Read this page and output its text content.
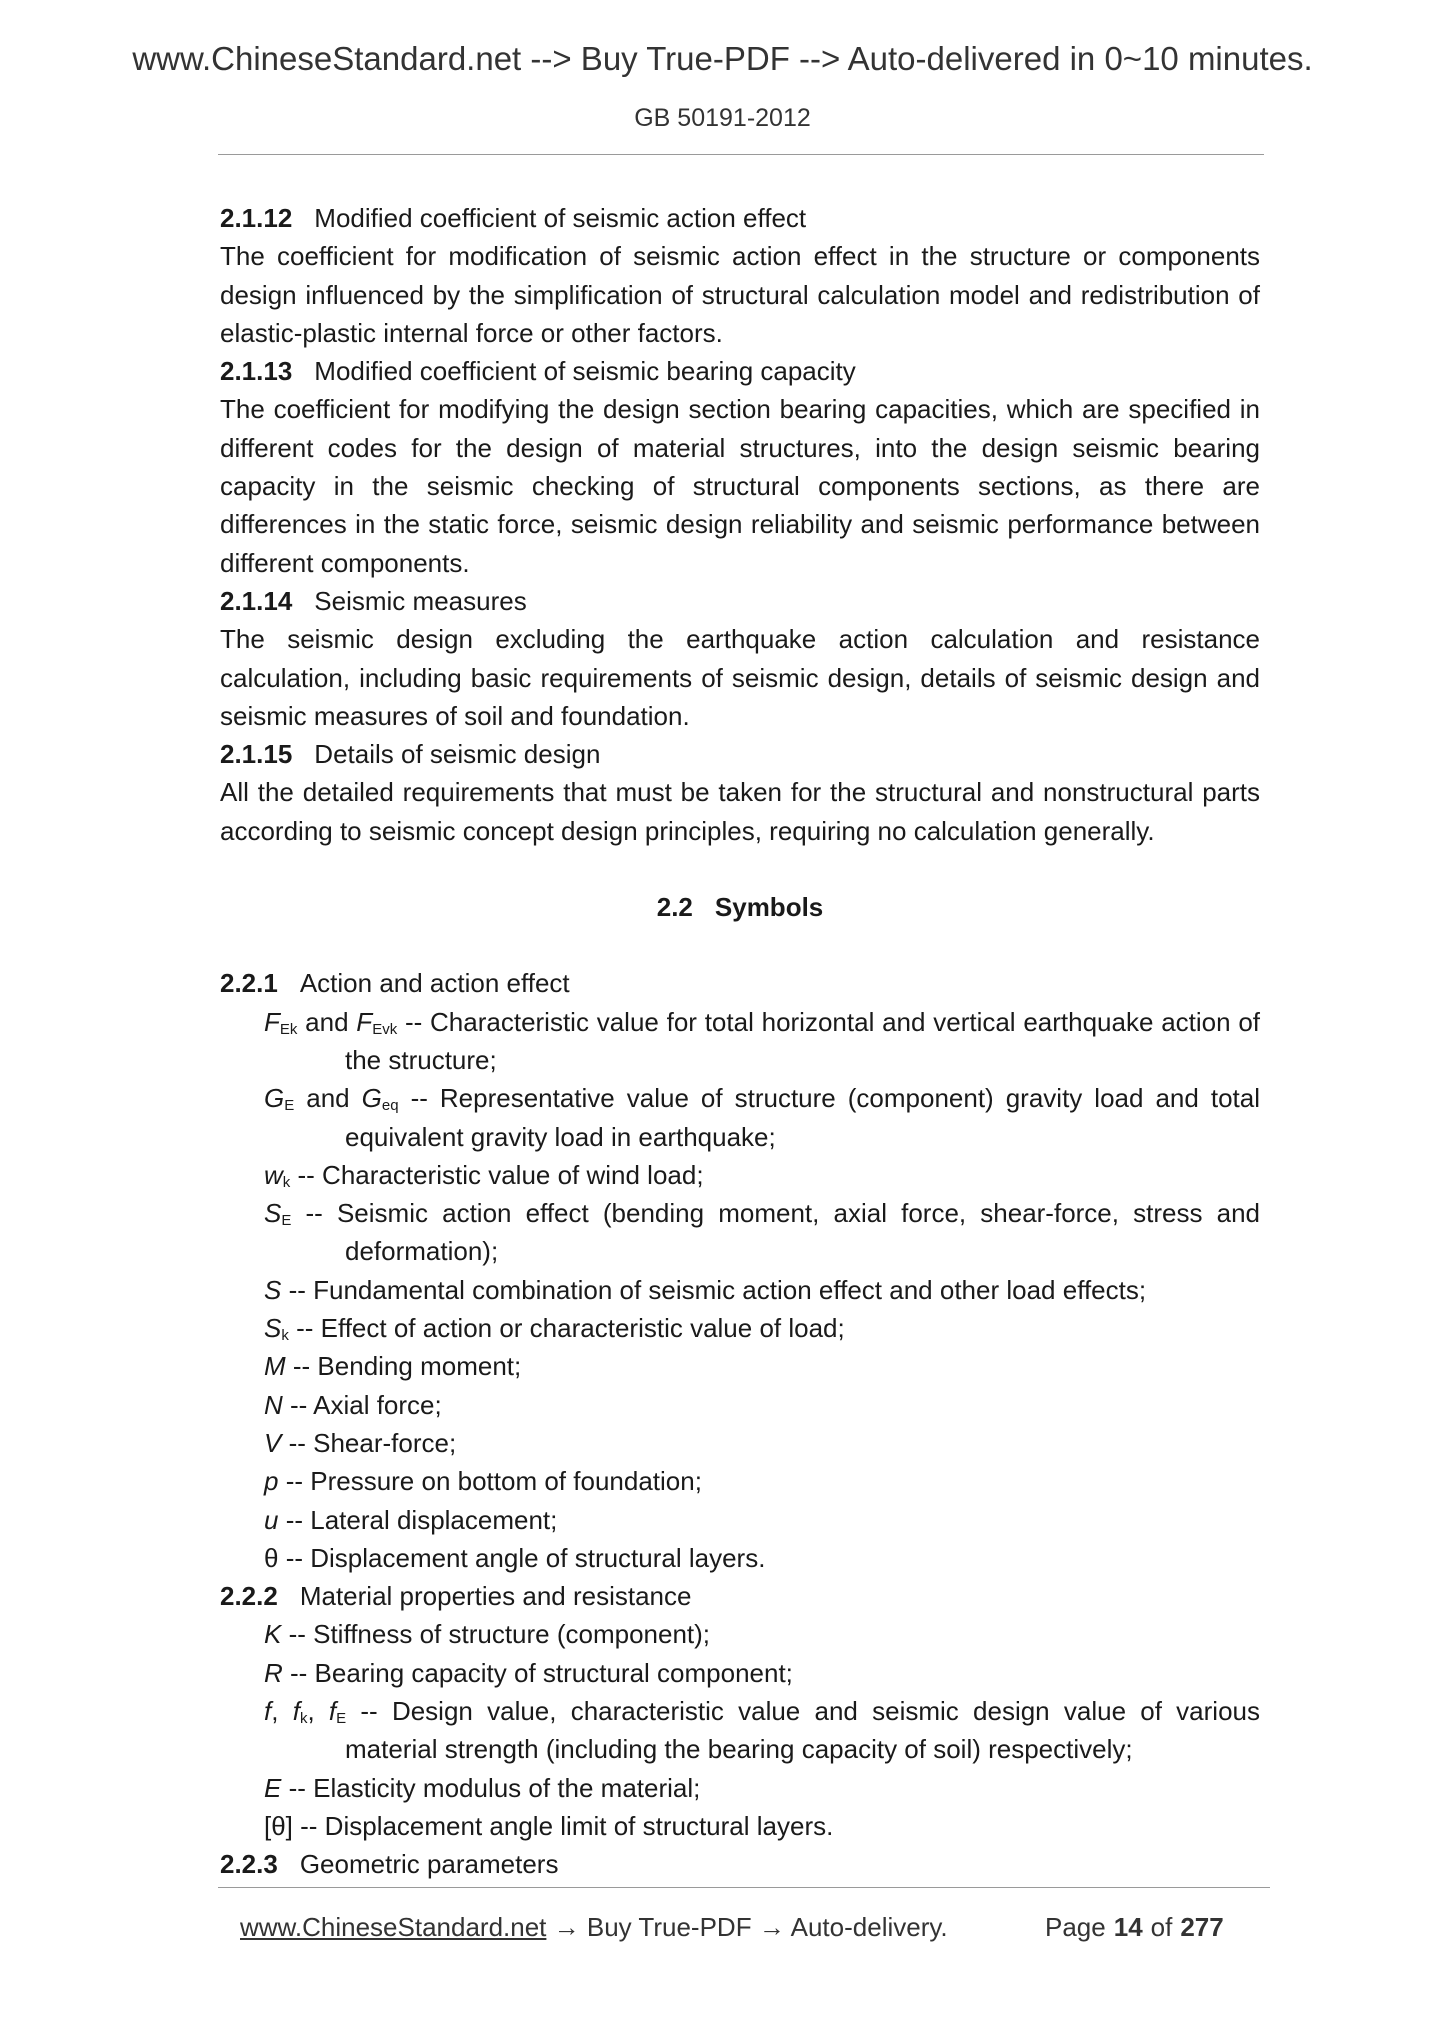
www.ChineseStandard.net --> Buy True-PDF --> Auto-delivered in 0~10 minutes.
GB 50191-2012
2.1.12 Modified coefficient of seismic action effect
The coefficient for modification of seismic action effect in the structure or components design influenced by the simplification of structural calculation model and redistribution of elastic-plastic internal force or other factors.
2.1.13 Modified coefficient of seismic bearing capacity
The coefficient for modifying the design section bearing capacities, which are specified in different codes for the design of material structures, into the design seismic bearing capacity in the seismic checking of structural components sections, as there are differences in the static force, seismic design reliability and seismic performance between different components.
2.1.14 Seismic measures
The seismic design excluding the earthquake action calculation and resistance calculation, including basic requirements of seismic design, details of seismic design and seismic measures of soil and foundation.
2.1.15 Details of seismic design
All the detailed requirements that must be taken for the structural and nonstructural parts according to seismic concept design principles, requiring no calculation generally.
2.2 Symbols
2.2.1 Action and action effect
$F_{Ek}$ and $F_{Evk}$ -- Characteristic value for total horizontal and vertical earthquake action of the structure;
$G_E$ and $G_{eq}$ -- Representative value of structure (component) gravity load and total equivalent gravity load in earthquake;
$w_k$ -- Characteristic value of wind load;
$S_E$ -- Seismic action effect (bending moment, axial force, shear-force, stress and deformation);
S -- Fundamental combination of seismic action effect and other load effects;
$S_k$ -- Effect of action or characteristic value of load;
M -- Bending moment;
N -- Axial force;
V -- Shear-force;
p -- Pressure on bottom of foundation;
u -- Lateral displacement;
θ -- Displacement angle of structural layers.
2.2.2 Material properties and resistance
K -- Stiffness of structure (component);
R -- Bearing capacity of structural component;
f, $f_k$, $f_E$ -- Design value, characteristic value and seismic design value of various material strength (including the bearing capacity of soil) respectively;
E -- Elasticity modulus of the material;
[θ] -- Displacement angle limit of structural layers.
2.2.3 Geometric parameters
www.ChineseStandard.net → Buy True-PDF → Auto-delivery.	Page 14 of 277
